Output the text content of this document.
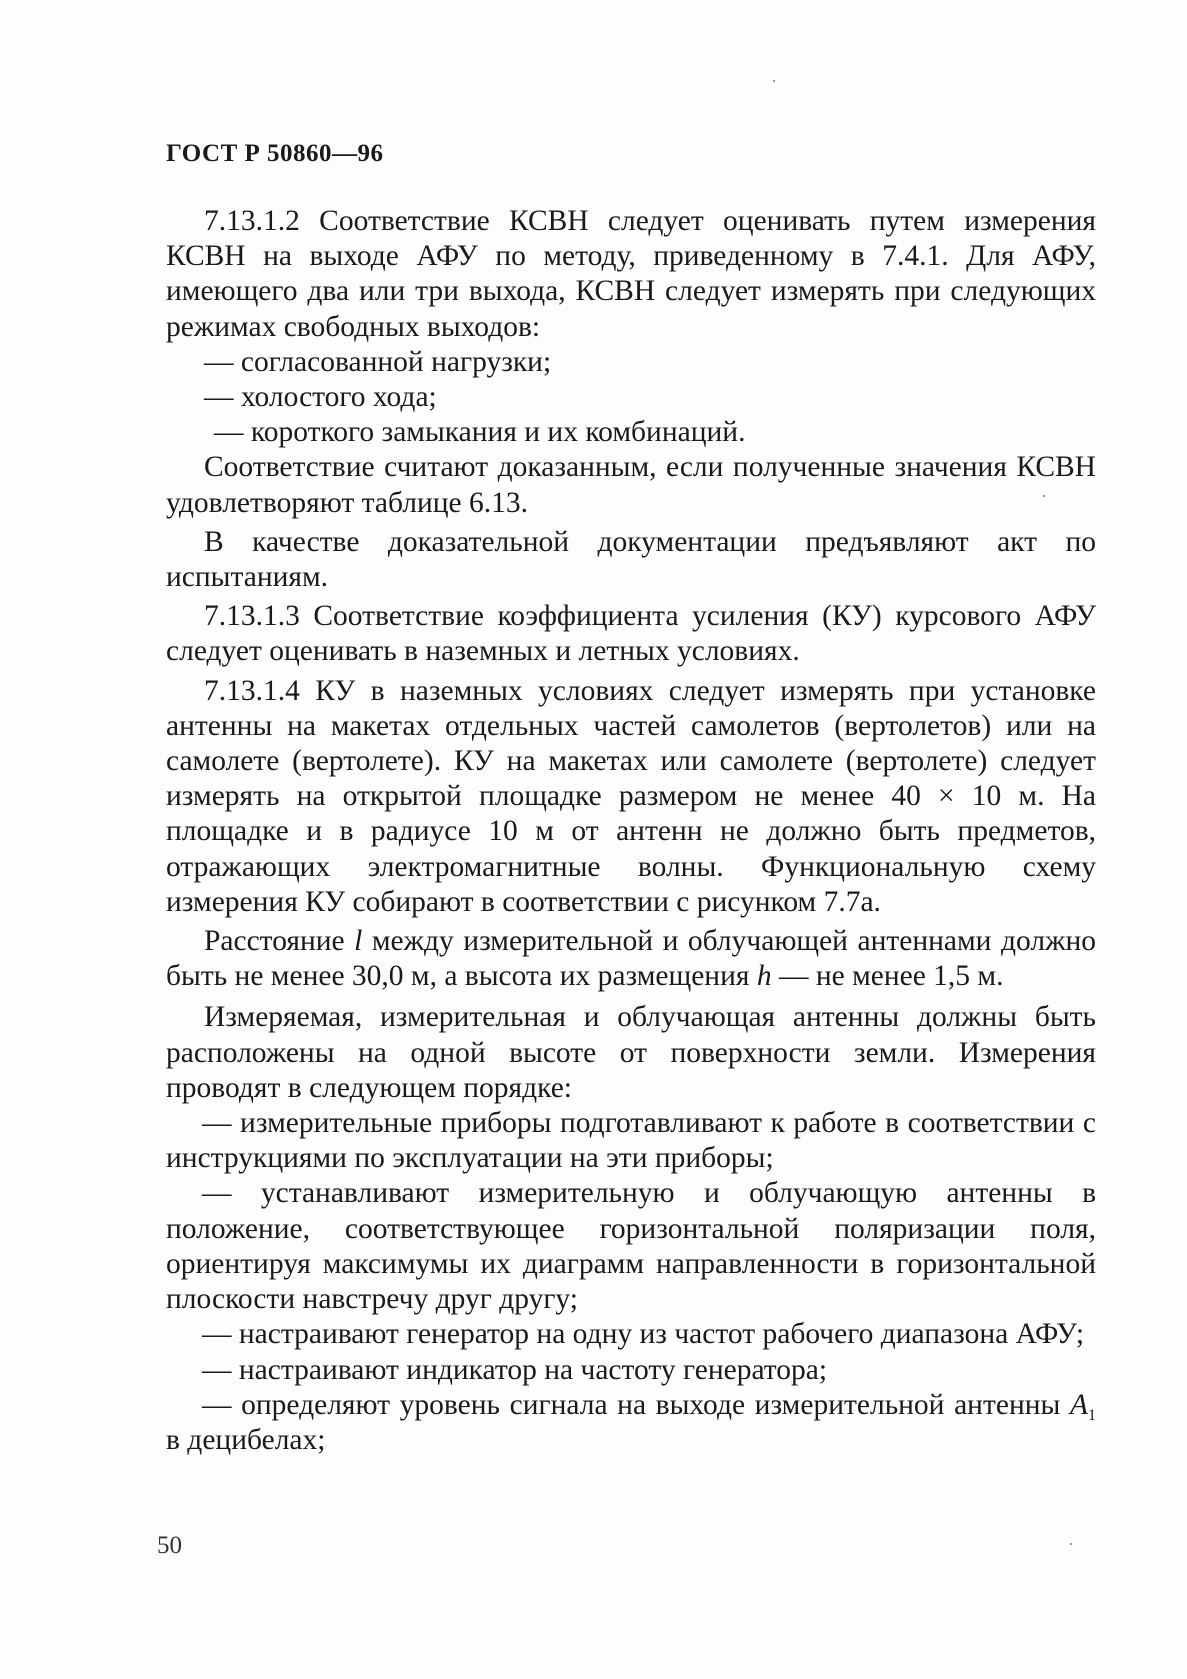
ГОСТ Р 50860—96

7.13.1.2 Соответствие КСВН следует оценивать путем измерения КСВН на выходе АФУ по методу, приведенному в 7.4.1. Для АФУ, имеющего два или три выхода, КСВН следует измерять при следующих режимах свободных выходов:

— согласованной нагрузки;

— холостого хода;

— короткого замыкания и их комбинаций.

Соответствие считают доказанным, если полученные значения КСВН удовлетворяют таблице 6.13.

В качестве доказательной документации предъявляют акт по испытаниям.

7.13.1.3 Соответствие коэффициента усиления (КУ) курсового АФУ следует оценивать в наземных и летных условиях.

7.13.1.4 КУ в наземных условиях следует измерять при установке антенны на макетах отдельных частей самолетов (вертолетов) или на самолете (вертолете). КУ на макетах или самолете (вертолете) следует измерять на открытой площадке размером не менее 40 × 10 м. На площадке и в радиусе 10 м от антенн не должно быть предметов, отражающих электромагнитные волны. Функциональную схему измерения КУ собирают в соответствии с рисунком 7.7а.

Расстояние l между измерительной и облучающей антеннами должно быть не менее 30,0 м, а высота их размещения h — не менее 1,5 м.

Измеряемая, измерительная и облучающая антенны должны быть расположены на одной высоте от поверхности земли. Измерения проводят в следующем порядке:

— измерительные приборы подготавливают к работе в соответствии с инструкциями по эксплуатации на эти приборы;

— устанавливают измерительную и облучающую антенны в положение, соответствующее горизонтальной поляризации поля, ориентируя максимумы их диаграмм направленности в горизонтальной плоскости навстречу друг другу;

— настраивают генератор на одну из частот рабочего диапазона АФУ;

— настраивают индикатор на частоту генератора;

— определяют уровень сигнала на выходе измерительной антенны $A_1$ в децибелах;

50
